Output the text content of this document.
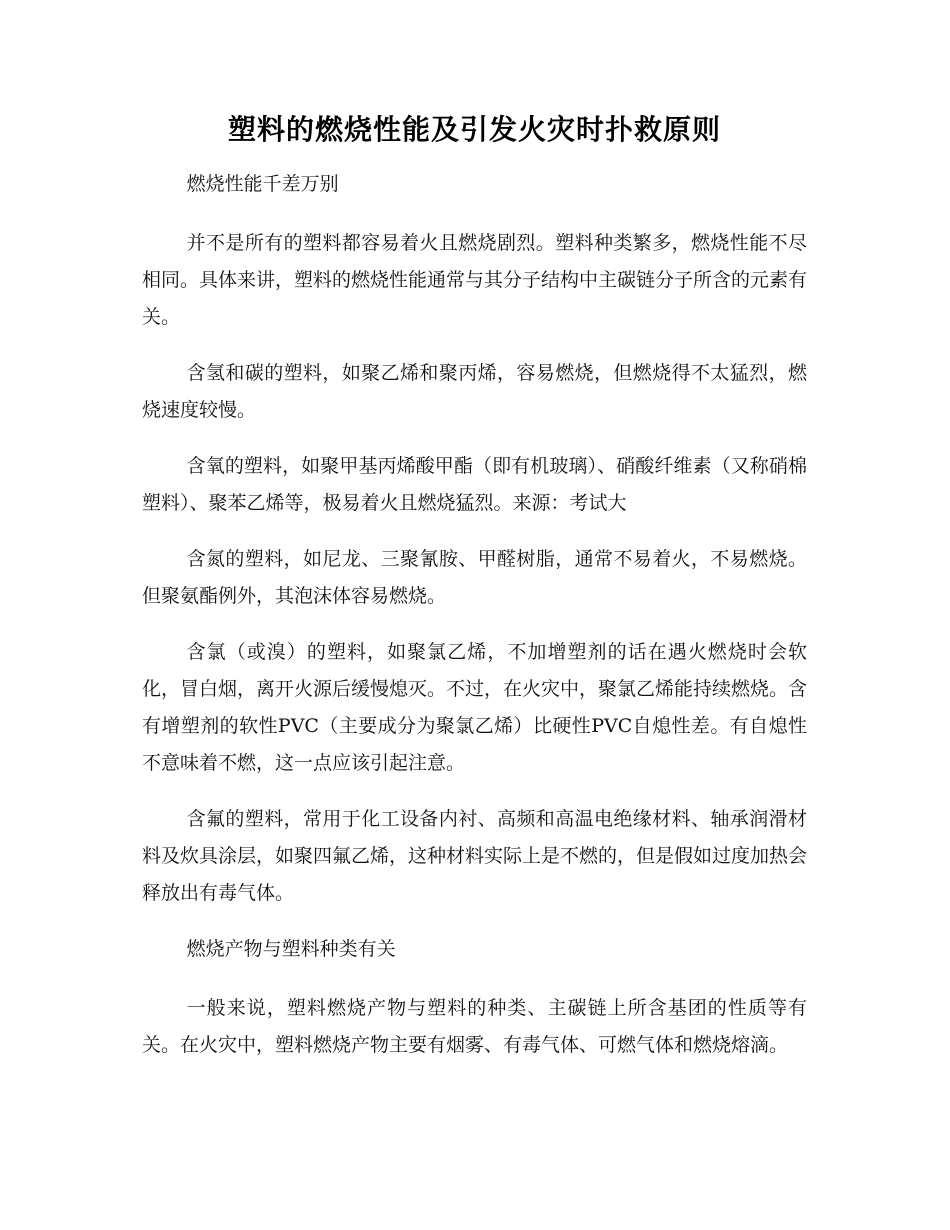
塑料的燃烧性能及引发火灾时扑救原则

燃烧性能千差万别

并不是所有的塑料都容易着火且燃烧剧烈。塑料种类繁多，燃烧性能不尽相同。具体来讲，塑料的燃烧性能通常与其分子结构中主碳链分子所含的元素有关。

含氢和碳的塑料，如聚乙烯和聚丙烯，容易燃烧，但燃烧得不太猛烈，燃烧速度较慢。

含氧的塑料，如聚甲基丙烯酸甲酯（即有机玻璃）、硝酸纤维素（又称硝棉塑料）、聚苯乙烯等，极易着火且燃烧猛烈。来源：考试大

含氮的塑料，如尼龙、三聚氰胺、甲醛树脂，通常不易着火，不易燃烧。但聚氨酯例外，其泡沫体容易燃烧。

含氯（或溴）的塑料，如聚氯乙烯，不加增塑剂的话在遇火燃烧时会软化，冒白烟，离开火源后缓慢熄灭。不过，在火灾中，聚氯乙烯能持续燃烧。含有增塑剂的软性PVC（主要成分为聚氯乙烯）比硬性PVC自熄性差。有自熄性不意味着不燃，这一点应该引起注意。

含氟的塑料，常用于化工设备内衬、高频和高温电绝缘材料、轴承润滑材料及炊具涂层，如聚四氟乙烯，这种材料实际上是不燃的，但是假如过度加热会释放出有毒气体。

燃烧产物与塑料种类有关

一般来说，塑料燃烧产物与塑料的种类、主碳链上所含基团的性质等有关。在火灾中，塑料燃烧产物主要有烟雾、有毒气体、可燃气体和燃烧熔滴。
